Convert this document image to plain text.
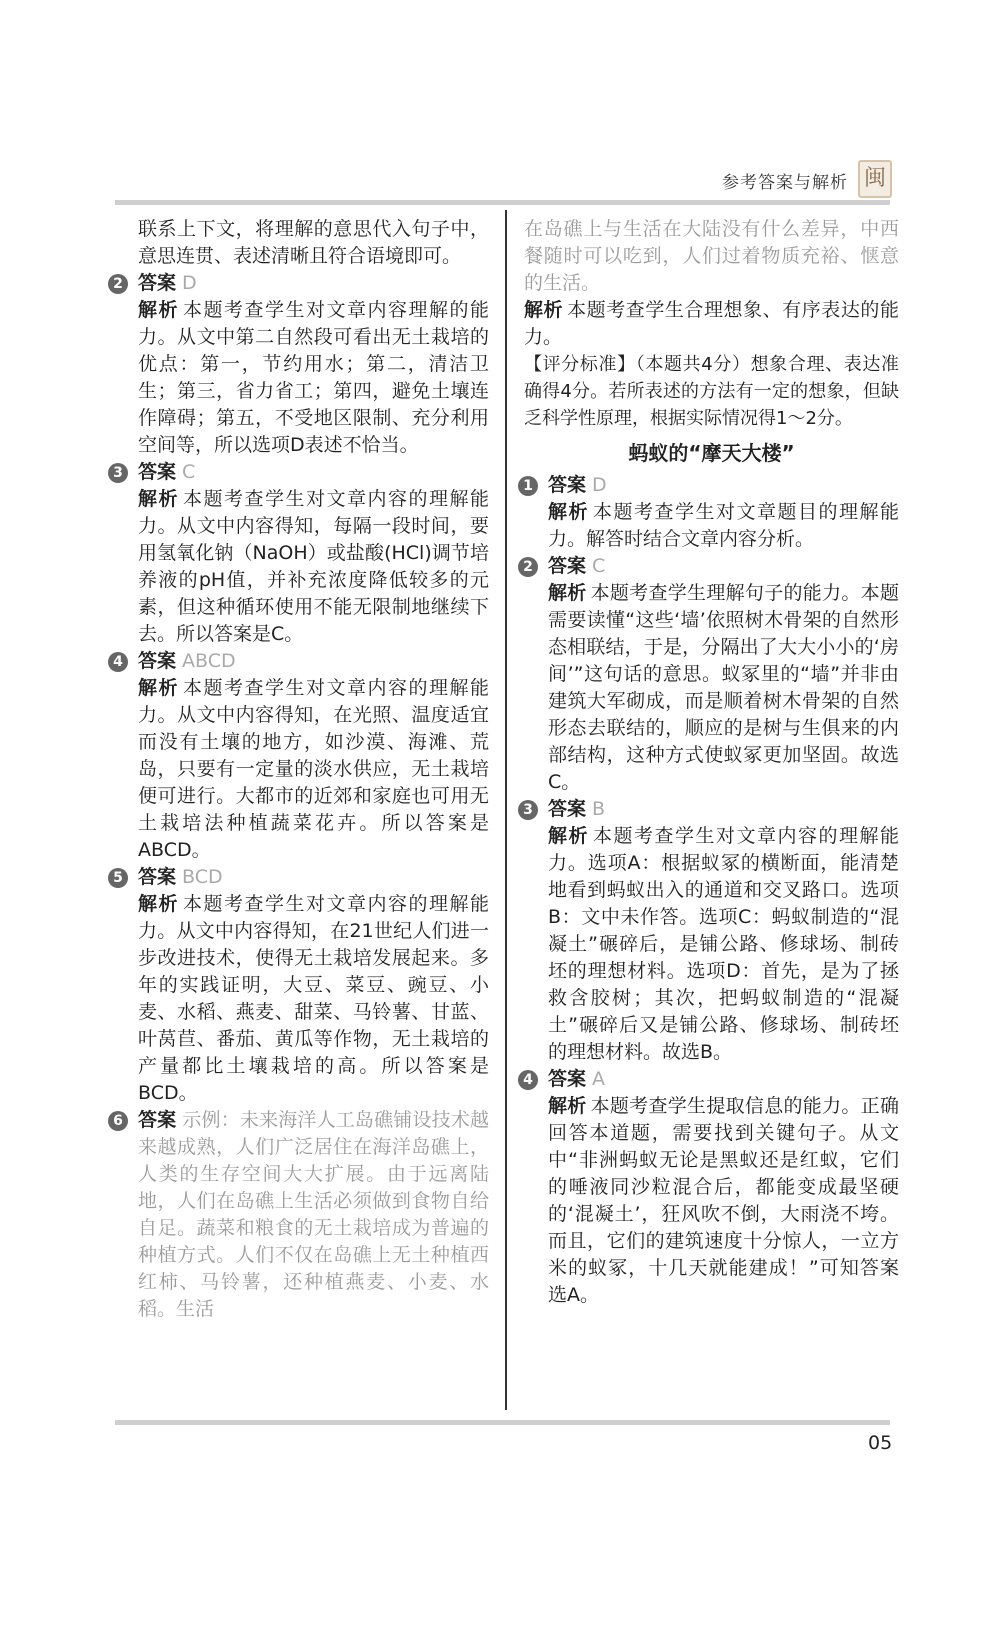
参考答案与解析 闽

联系上下文，将理解的意思代入句子中，意思连贯、表述清晰且符合语境即可。

2 答案 D

解析 本题考查学生对文章内容理解的能力。从文中第二自然段可看出无土栽培的优点：第一，节约用水；第二，清洁卫生；第三，省力省工；第四，避免土壤连作障碍；第五，不受地区限制、充分利用空间等，所以选项D表述不恰当。

3 答案 C

解析 本题考查学生对文章内容的理解能力。从文中内容得知，每隔一段时间，要用氢氧化钠（NaOH）或盐酸(HCl)调节培养液的pH值，并补充浓度降低较多的元素，但这种循环使用不能无限制地继续下去。所以答案是C。

4 答案 ABCD

解析 本题考查学生对文章内容的理解能力。从文中内容得知，在光照、温度适宜而没有土壤的地方，如沙漠、海滩、荒岛，只要有一定量的淡水供应，无土栽培便可进行。大都市的近郊和家庭也可用无土栽培法种植蔬菜花卉。所以答案是ABCD。

5 答案 BCD

解析 本题考查学生对文章内容的理解能力。从文中内容得知，在21世纪人们进一步改进技术，使得无土栽培发展起来。多年的实践证明，大豆、菜豆、豌豆、小麦、水稻、燕麦、甜菜、马铃薯、甘蓝、叶莴苣、番茄、黄瓜等作物，无土栽培的产量都比土壤栽培的高。所以答案是BCD。

6 答案 示例：未来海洋人工岛礁铺设技术越来越成熟，人们广泛居住在海洋岛礁上，人类的生存空间大大扩展。由于远离陆地，人们在岛礁上生活必须做到食物自给自足。蔬菜和粮食的无土栽培成为普遍的种植方式。人们不仅在岛礁上无土种植西红柿、马铃薯，还种植燕麦、小麦、水稻。生活

在岛礁上与生活在大陆没有什么差异，中西餐随时可以吃到，人们过着物质充裕、惬意的生活。

解析 本题考查学生合理想象、有序表达的能力。

【评分标准】（本题共4分）想象合理、表达准确得4分。若所表述的方法有一定的想象，但缺乏科学性原理，根据实际情况得1～2分。

蚂蚁的“摩天大楼”
1 答案 D

解析 本题考查学生对文章题目的理解能力。解答时结合文章内容分析。

2 答案 C

解析 本题考查学生理解句子的能力。本题需要读懂“这些‘墙’依照树木骨架的自然形态相联结，于是，分隔出了大大小小的‘房间’”这句话的意思。蚁冢里的“墙”并非由建筑大军砌成，而是顺着树木骨架的自然形态去联结的，顺应的是树与生俱来的内部结构，这种方式使蚁冢更加坚固。故选C。

3 答案 B

解析 本题考查学生对文章内容的理解能力。选项A：根据蚁冢的横断面，能清楚地看到蚂蚁出入的通道和交叉路口。选项B：文中未作答。选项C：蚂蚁制造的“混凝土”碾碎后，是铺公路、修球场、制砖坯的理想材料。选项D：首先，是为了拯救含胶树；其次，把蚂蚁制造的“混凝土”碾碎后又是铺公路、修球场、制砖坯的理想材料。故选B。

4 答案 A

解析 本题考查学生提取信息的能力。正确回答本道题，需要找到关键句子。从文中“非洲蚂蚁无论是黑蚁还是红蚁，它们的唾液同沙粒混合后，都能变成最坚硬的‘混凝土’，狂风吹不倒，大雨浇不垮。而且，它们的建筑速度十分惊人，一立方米的蚁冢，十几天就能建成！”可知答案选A。

05
